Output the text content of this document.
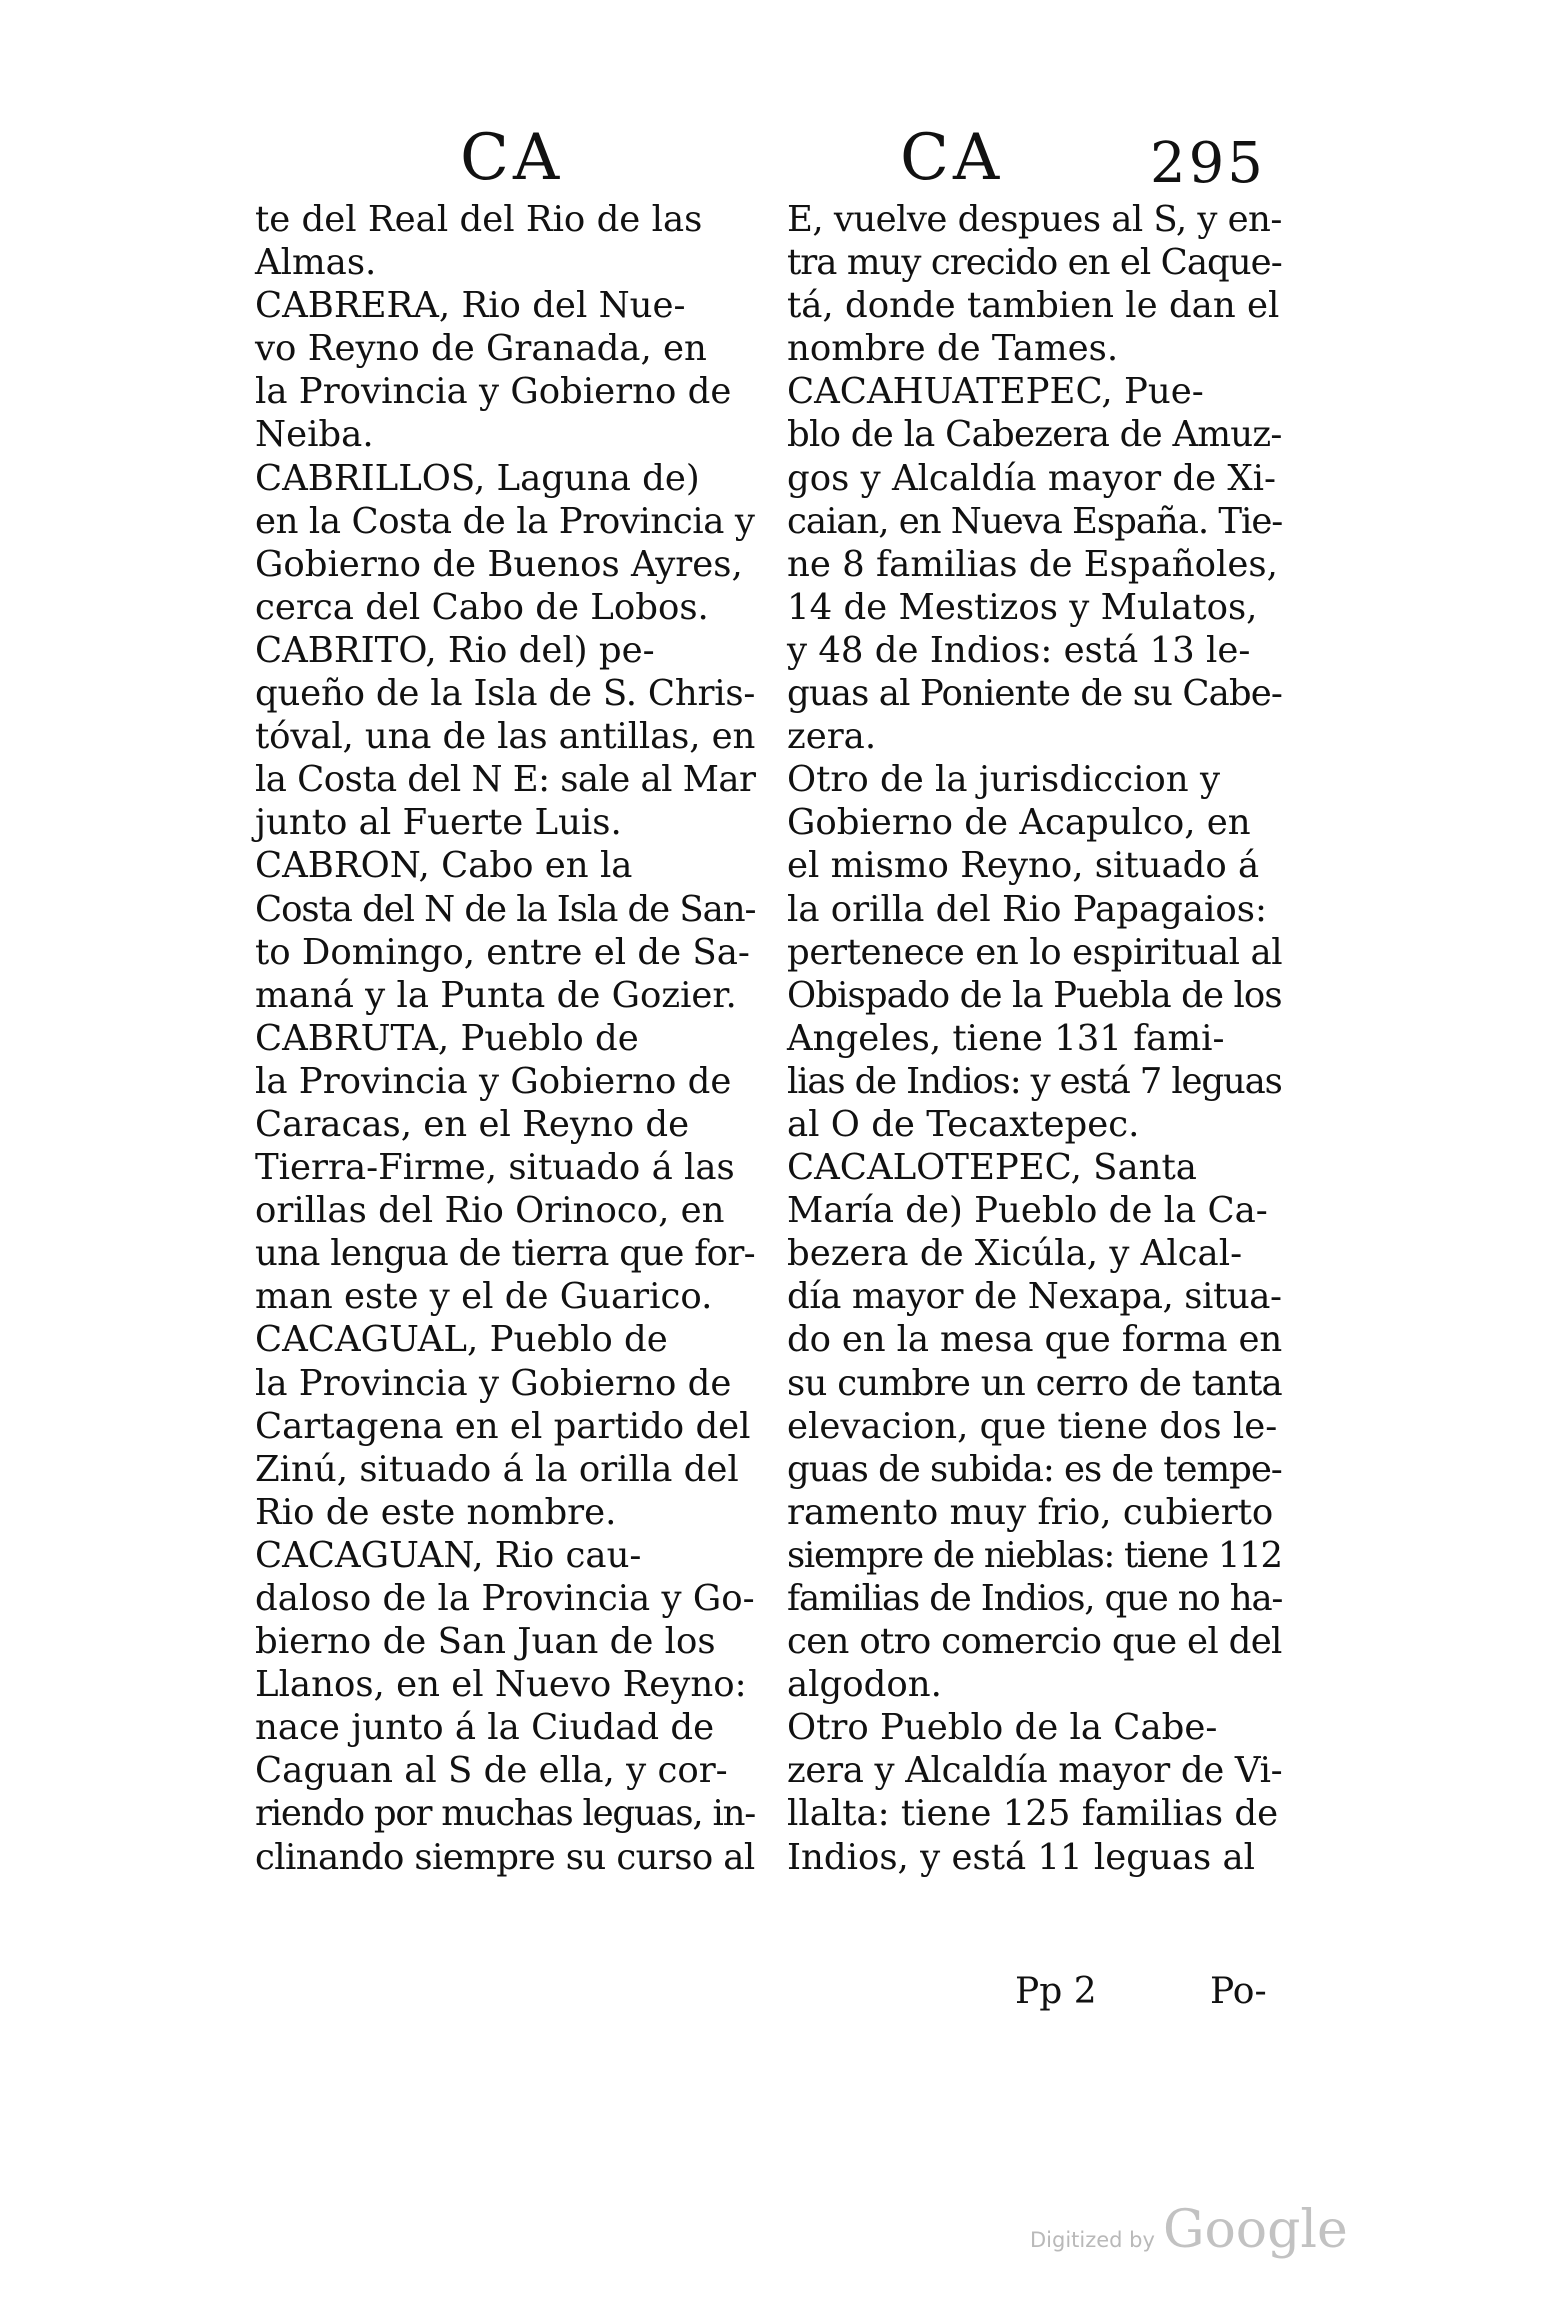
CA	CA	295
te del Real del Rio de las
Almas.
CABRERA, Rio del Nue-
vo Reyno de Granada, en
la Provincia y Gobierno de
Neiba.
CABRILLOS, Laguna de)
en la Costa de la Provincia y
Gobierno de Buenos Ayres,
cerca del Cabo de Lobos.
CABRITO, Rio del) pe-
queño de la Isla de S. Chris-
tóval, una de las antillas, en
la Costa del N E: sale al Mar
junto al Fuerte Luis.
CABRON, Cabo en la
Costa del N de la Isla de San-
to Domingo, entre el de Sa-
maná y la Punta de Gozier.
CABRUTA, Pueblo de
la Provincia y Gobierno de
Caracas, en el Reyno de
Tierra-Firme, situado á las
orillas del Rio Orinoco, en
una lengua de tierra que for-
man este y el de Guarico.
CACAGUAL, Pueblo de
la Provincia y Gobierno de
Cartagena en el partido del
Zinú, situado á la orilla del
Rio de este nombre.
CACAGUAN, Rio cau-
daloso de la Provincia y Go-
bierno de San Juan de los
Llanos, en el Nuevo Reyno:
nace junto á la Ciudad de
Caguan al S de ella, y cor-
riendo por muchas leguas, in-
clinando siempre su curso al
E, vuelve despues al S, y en-
tra muy crecido en el Caque-
tá, donde tambien le dan el
nombre de Tames.
CACAHUATEPEC, Pue-
blo de la Cabezera de Amuz-
gos y Alcaldía mayor de Xi-
caian, en Nueva España. Tie-
ne 8 familias de Españoles,
14 de Mestizos y Mulatos,
y 48 de Indios: está 13 le-
guas al Poniente de su Cabe-
zera.
Otro de la jurisdiccion y
Gobierno de Acapulco, en
el mismo Reyno, situado á
la orilla del Rio Papagaios:
pertenece en lo espiritual al
Obispado de la Puebla de los
Angeles, tiene 131 fami-
lias de Indios: y está 7 leguas
al O de Tecaxtepec.
CACALOTEPEC, Santa
María de) Pueblo de la Ca-
bezera de Xicúla, y Alcal-
día mayor de Nexapa, situa-
do en la mesa que forma en
su cumbre un cerro de tanta
elevacion, que tiene dos le-
guas de subida: es de tempe-
ramento muy frio, cubierto
siempre de nieblas: tiene 112
familias de Indios, que no ha-
cen otro comercio que el del
algodon.
Otro Pueblo de la Cabe-
zera y Alcaldía mayor de Vi-
llalta: tiene 125 familias de
Indios, y está 11 leguas al
Pp 2	Po-
Digitized by Google
